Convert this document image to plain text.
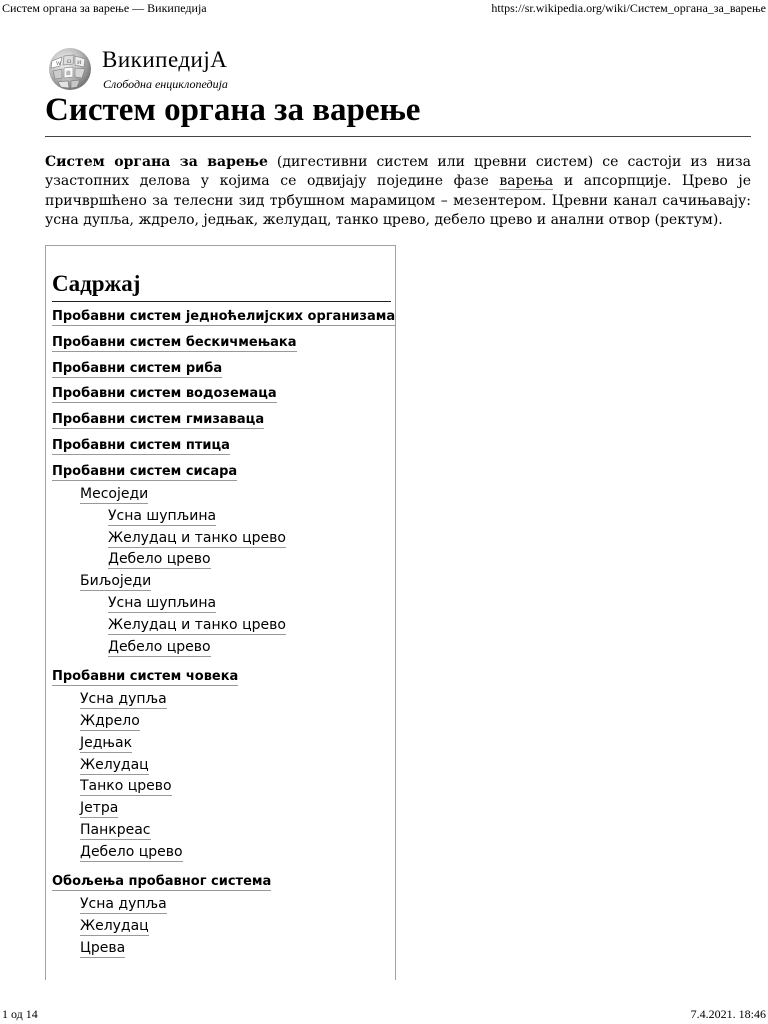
Систем органа за варење — Википедија	https://sr.wikipedia.org/wiki/Систем_органа_за_варење
W Ω И
維
ВикипедијА
Слободна енциклопедија
Систем органа за варење

Систем органа за варење (дигестивни систем или цревни систем) се састоји из низа узастопних делова у којима се одвијају поједине фазе варења и апсорпције. Црево је причвршћено за телесни зид трбушном марамицом – мезентером. Цревни канал сачињавају: усна дупља, ждрело, једњак, желудац, танко црево, дебело црево и анални отвор (ректум).

Садржај
Пробавни систем једноћелијских организама
Пробавни систем бескичмењака
Пробавни систем риба
Пробавни систем водоземаца
Пробавни систем гмизаваца
Пробавни систем птица
Пробавни систем сисара
Месоједи
Усна шупљина
Желудац и танко црево
Дебело црево
Биљоједи
Усна шупљина
Желудац и танко црево
Дебело црево
Пробавни систем човека
Усна дупља
Ждрело
Једњак
Желудац
Танко црево
Јетра
Панкреас
Дебело црево
Обољења пробавног система
Усна дупља
Желудац
Црева
1 од 14	7.4.2021. 18:46
